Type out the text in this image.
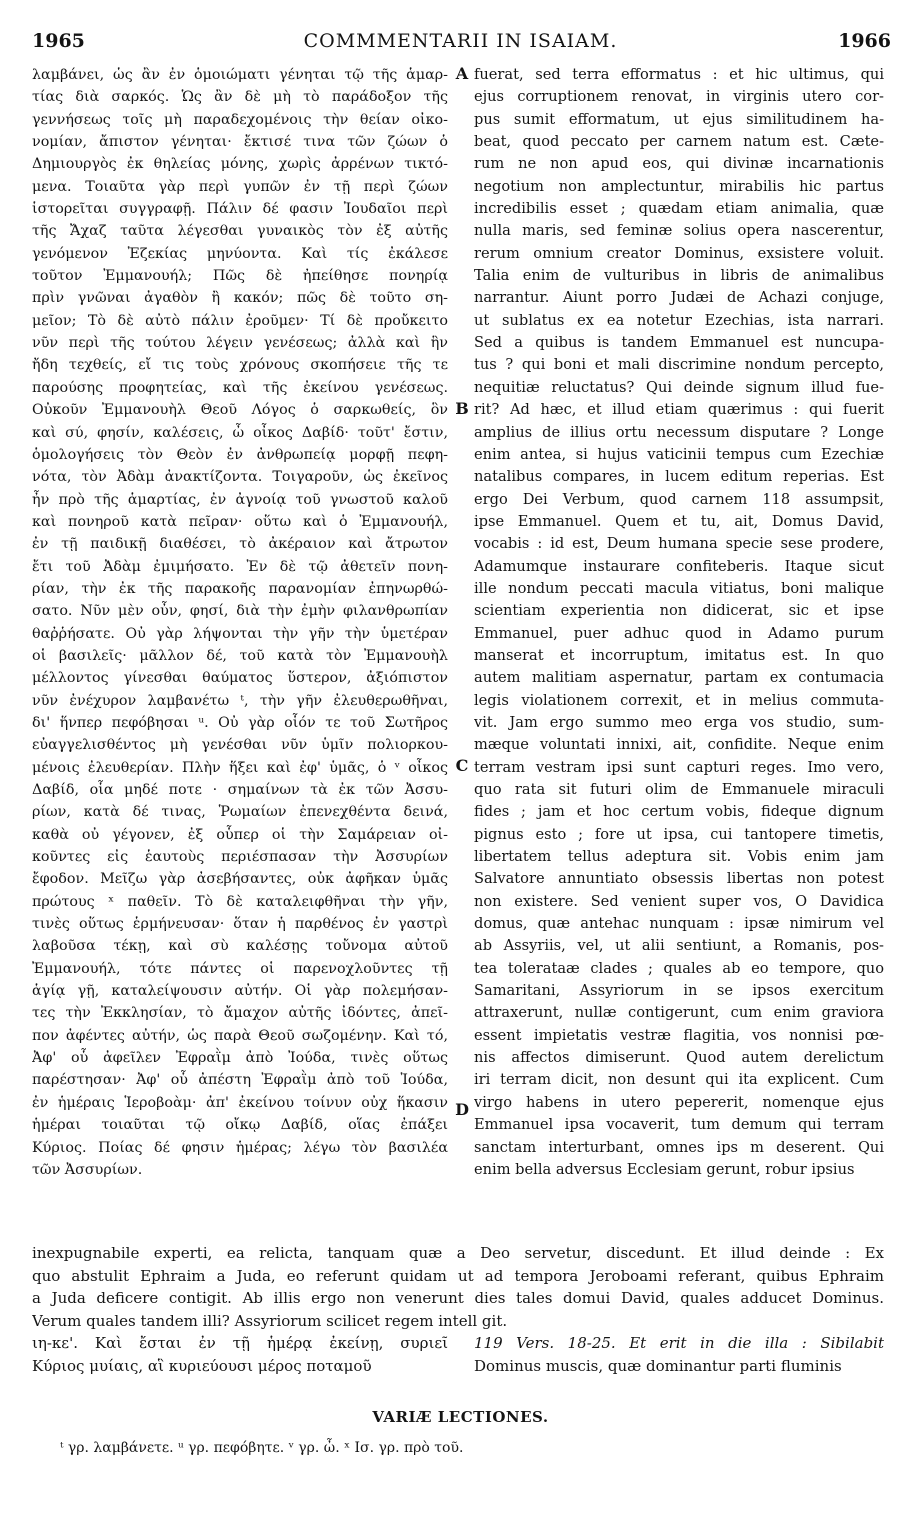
1965	COMMMENTARII IN ISAIAM.	1966
λαμβάνει, ὡς ἂν ἐν ὁμοιώματι γένηται τῷ τῆς ἁμαρ-
τίας διὰ σαρκός. Ὡς ἂν δὲ μὴ τὸ παράδοξον τῆς
γεννήσεως τοῖς μὴ παραδεχομένοις τὴν θείαν οἰκο-
νομίαν, ἄπιστον γένηται· ἔκτισέ τινα τῶν ζώων ὁ
Δημιουργὸς ἐκ θηλείας μόνης, χωρὶς ἀρρένων τικτό-
μενα. Τοιαῦτα γὰρ περὶ γυπῶν ἐν τῇ περὶ ζώων
ἱστορεῖται συγγραφῇ. Πάλιν δέ φασιν Ἰουδαῖοι περὶ
τῆς Ἄχαζ ταῦτα λέγεσθαι γυναικὸς τὸν ἐξ αὐτῆς
γενόμενον Ἐζεκίας μηνύοντα. Καὶ τίς ἐκάλεσε
τοῦτον Ἐμμανουήλ; Πῶς δὲ ἠπείθησε πονηρίᾳ
πρὶν γνῶναι ἀγαθὸν ἢ κακόν; πῶς δὲ τοῦτο ση-
μεῖον; Τὸ δὲ αὐτὸ πάλιν ἐροῦμεν· Τί δὲ προὔκειτο
νῦν περὶ τῆς τούτου λέγειν γενέσεως; ἀλλὰ καὶ ἣν
ἤδη τεχθείς, εἴ τις τοὺς χρόνους σκοπήσειε τῆς τε
παρούσης προφητείας, καὶ τῆς ἐκείνου γενέσεως.
Οὐκοῦν Ἐμμανουὴλ Θεοῦ Λόγος ὁ σαρκωθείς, ὃν
καὶ σύ, φησίν, καλέσεις, ὦ οἶκος Δαβίδ· τοῦτ' ἔστιν,
ὁμολογήσεις τὸν Θεὸν ἐν ἀνθρωπείᾳ μορφῇ πεφη-
νότα, τὸν Ἀδὰμ ἀνακτίζοντα. Τοιγαροῦν, ὡς ἐκεῖνος
ἦν πρὸ τῆς ἁμαρτίας, ἐν ἀγνοίᾳ τοῦ γνωστοῦ καλοῦ
καὶ πονηροῦ κατὰ πεῖραν· οὕτω καὶ ὁ Ἐμμανουήλ,
ἐν τῇ παιδικῇ διαθέσει, τὸ ἀκέραιον καὶ ἄτρωτον
ἔτι τοῦ Ἀδὰμ ἐμιμήσατο. Ἐν δὲ τῷ ἀθετεῖν πονη-
ρίαν, τὴν ἐκ τῆς παρακοῆς παρανομίαν ἐπηνωρθώ-
σατο. Νῦν μὲν οὖν, φησί, διὰ τὴν ἐμὴν φιλανθρωπίαν
θαῤῥήσατε. Οὐ γὰρ λήψονται τὴν γῆν τὴν ὑμετέραν
οἱ βασιλεῖς· μᾶλλον δέ, τοῦ κατὰ τὸν Ἐμμανουὴλ
μέλλοντος γίνεσθαι θαύματος ὕστερον, ἀξιόπιστον
νῦν ἐνέχυρον λαμβανέτω ᵗ, τὴν γῆν ἐλευθερωθῆναι,
δι' ἥνπερ πεφόβησαι ᵘ. Οὐ γὰρ οἷόν τε τοῦ Σωτῆρος
εὐαγγελισθέντος μὴ γενέσθαι νῦν ὑμῖν πολιορκου-
μένοις ἐλευθερίαν. Πλὴν ἥξει καὶ ἐφ' ὑμᾶς, ὁ ᵛ οἶκος
Δαβίδ, οἷα μηδέ ποτε · σημαίνων τὰ ἐκ τῶν Ἀσσυ-
ρίων, κατὰ δέ τινας, Ῥωμαίων ἐπενεχθέντα δεινά,
καθὰ οὐ γέγονεν, ἐξ οὗπερ οἱ τὴν Σαμάρειαν οἰ-
κοῦντες εἰς ἑαυτοὺς περιέσπασαν τὴν Ἀσσυρίων
ἔφοδον. Μεῖζω γὰρ ἀσεβήσαντες, οὐκ ἀφῆκαν ὑμᾶς
πρώτους ˣ παθεῖν. Τὸ δὲ καταλειφθῆναι τὴν γῆν,
τινὲς οὕτως ἑρμήνευσαν· ὅταν ἡ παρθένος ἐν γαστρὶ
λαβοῦσα τέκῃ, καὶ σὺ καλέσῃς τοὔνομα αὐτοῦ
Ἐμμανουήλ, τότε πάντες οἱ παρενοχλοῦντες τῇ
ἁγίᾳ γῇ, καταλείψουσιν αὐτήν. Οἱ γὰρ πολεμήσαν-
τες τὴν Ἐκκλησίαν, τὸ ἄμαχον αὐτῆς ἰδόντες, ἀπεῖ-
πον ἀφέντες αὐτήν, ὡς παρὰ Θεοῦ σωζομένην. Καὶ τό,
Ἀφ' οὗ ἀφεῖλεν Ἐφραῒμ ἀπὸ Ἰούδα, τινὲς οὕτως
παρέστησαν· Ἀφ' οὗ ἀπέστη Ἐφραῒμ ἀπὸ τοῦ Ἰούδα,
ἐν ἡμέραις Ἱεροβοὰμ· ἀπ' ἐκείνου τοίνυν οὐχ ἥκασιν
ἡμέραι τοιαῦται τῷ οἴκῳ Δαβίδ, οἵας ἐπάξει
Κύριος. Ποίας δέ φησιν ἡμέρας; λέγω τὸν βασιλέα
τῶν Ἀσσυρίων.
A
B
C
D
fuerat, sed terra efformatus : et hic ultimus, qui
ejus corruptionem renovat, in virginis utero cor-
pus sumit efformatum, ut ejus similitudinem ha-
beat, quod peccato per carnem natum est. Cæte-
rum ne non apud eos, qui divinæ incarnationis
negotium non amplectuntur, mirabilis hic partus
incredibilis esset ; quædam etiam animalia, quæ
nulla maris, sed feminæ solius opera nascerentur,
rerum omnium creator Dominus, exsistere voluit.
Talia enim de vulturibus in libris de animalibus
narrantur. Aiunt porro Judæi de Achazi conjuge,
ut sublatus ex ea notetur Ezechias, ista narrari.
Sed a quibus is tandem Emmanuel est nuncupa-
tus ? qui boni et mali discrimine nondum percepto,
nequitiæ reluctatus? Qui deinde signum illud fue-
rit? Ad hæc, et illud etiam quærimus : qui fuerit
amplius de illius ortu necessum disputare ? Longe
enim antea, si hujus vaticinii tempus cum Ezechiæ
natalibus compares, in lucem editum reperias. Est
ergo Dei Verbum, quod carnem 118 assumpsit,
ipse Emmanuel. Quem et tu, ait, Domus David,
vocabis : id est, Deum humana specie sese prodere,
Adamumque instaurare confiteberis. Itaque sicut
ille nondum peccati macula vitiatus, boni malique
scientiam experientia non didicerat, sic et ipse
Emmanuel, puer adhuc quod in Adamo purum
manserat et incorruptum, imitatus est. In quo
autem malitiam aspernatur, partam ex contumacia
legis violationem correxit, et in melius commuta-
vit. Jam ergo summo meo erga vos studio, sum-
mæque voluntati innixi, ait, confidite. Neque enim
terram vestram ipsi sunt capturi reges. Imo vero,
quo rata sit futuri olim de Emmanuele miraculi
fides ; jam et hoc certum vobis, fideque dignum
pignus esto ; fore ut ipsa, cui tantopere timetis,
libertatem tellus adeptura sit. Vobis enim jam
Salvatore annuntiato obsessis libertas non potest
non existere. Sed venient super vos, O Davidica
domus, quæ antehac nunquam : ipsæ nimirum vel
ab Assyriis, vel, ut alii sentiunt, a Romanis, pos-
tea tolerataæ clades ; quales ab eo tempore, quo
Samaritani, Assyriorum in se ipsos exercitum
attraxerunt, nullæ contigerunt, cum enim graviora
essent impietatis vestræ flagitia, vos nonnisi pœ-
nis affectos dimiserunt. Quod autem derelictum
iri terram dicit, non desunt qui ita explicent. Cum
virgo habens in utero pepererit, nomenque ejus
Emmanuel ipsa vocaverit, tum demum qui terram
sanctam interturbant, omnes ips m deserent. Qui
enim bella adversus Ecclesiam gerunt, robur ipsius
inexpugnabile experti, ea relicta, tanquam quæ a Deo servetur, discedunt. Et illud deinde : Ex
quo abstulit Ephraim a Juda, eo referunt quidam ut ad tempora Jeroboami referant, quibus Ephraim
a Juda deficere contigit. Ab illis ergo non venerunt dies tales domui David, quales adducet Dominus.
Verum quales tandem illi? Assyriorum scilicet regem intell git.
ιη-κε'. Καὶ ἔσται ἐν τῇ ἡμέρᾳ ἐκείνῃ, συριεῖ
Κύριος μυίαις, αἳ κυριεύουσι μέρος ποταμοῦ
119 Vers. 18-25. Et erit in die illa : Sibilabit
Dominus muscis, quæ dominantur parti fluminis
VARIÆ LECTIONES.
ᵗ γρ. λαμβάνετε. ᵘ γρ. πεφόβητε. ᵛ γρ. ὦ. ˣ Ισ. γρ. πρὸ τοῦ.
